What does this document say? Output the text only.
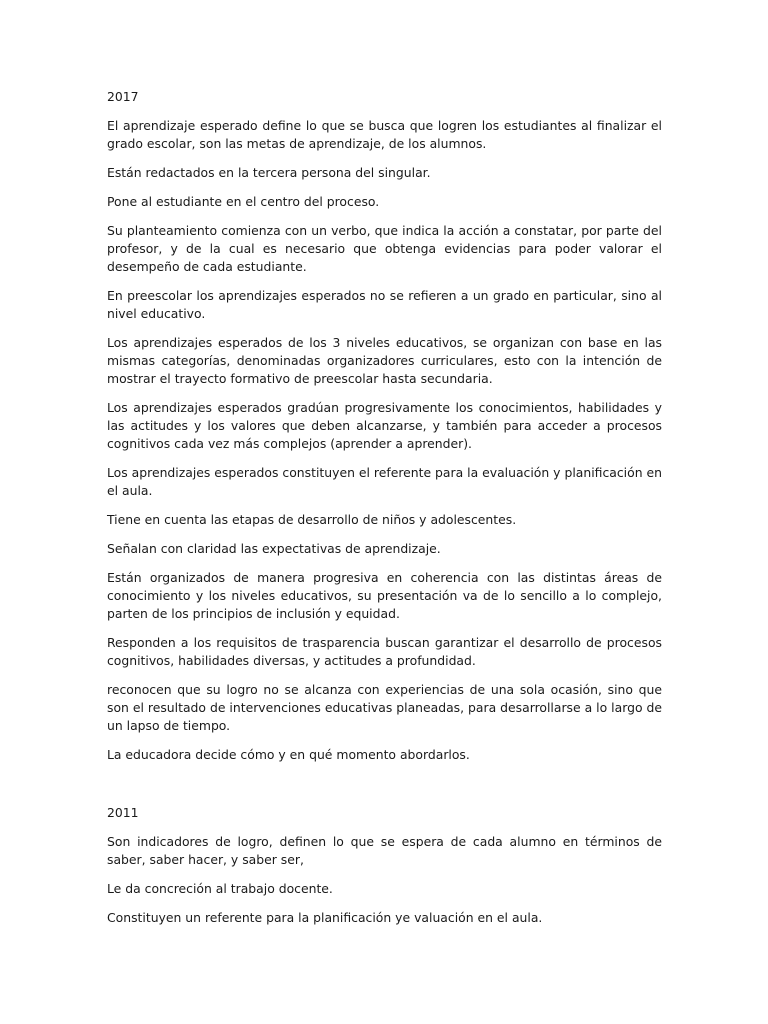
2017

El aprendizaje esperado define lo que se busca que logren los estudiantes al finalizar el grado escolar, son las metas de aprendizaje, de los alumnos.

Están redactados en la tercera persona del singular.

Pone al estudiante en el centro del proceso.

Su planteamiento comienza con un verbo, que indica la acción a constatar, por parte del profesor, y de la cual es necesario que obtenga evidencias para poder valorar el desempeño de cada estudiante.

En preescolar los aprendizajes esperados no se refieren a un grado en particular, sino al nivel educativo.

Los aprendizajes esperados de los 3 niveles educativos, se organizan con base en las mismas categorías, denominadas organizadores curriculares, esto con la intención de mostrar el trayecto formativo de preescolar hasta secundaria.

Los aprendizajes esperados gradúan progresivamente los conocimientos, habilidades y las actitudes y los valores que deben alcanzarse, y también para acceder a procesos cognitivos cada vez más complejos (aprender a aprender).

Los aprendizajes esperados constituyen el referente para la evaluación y planificación en el aula.

Tiene en cuenta las etapas de desarrollo de niños y adolescentes.

Señalan con claridad las expectativas de aprendizaje.

Están organizados de manera progresiva en coherencia con las distintas áreas de conocimiento y los niveles educativos, su presentación va de lo sencillo a lo complejo, parten de los principios de inclusión y equidad.

Responden a los requisitos de trasparencia buscan garantizar el desarrollo de procesos cognitivos, habilidades diversas, y actitudes a profundidad.

reconocen que su logro no se alcanza con experiencias de una sola ocasión, sino que son el resultado de intervenciones educativas planeadas, para desarrollarse a lo largo de un lapso de tiempo.

La educadora decide cómo y en qué momento abordarlos.

2011

Son indicadores de logro, definen lo que se espera de cada alumno en términos de saber, saber hacer, y saber ser,

Le da concreción al trabajo docente.

Constituyen un referente para la planificación ye valuación en el aula.
